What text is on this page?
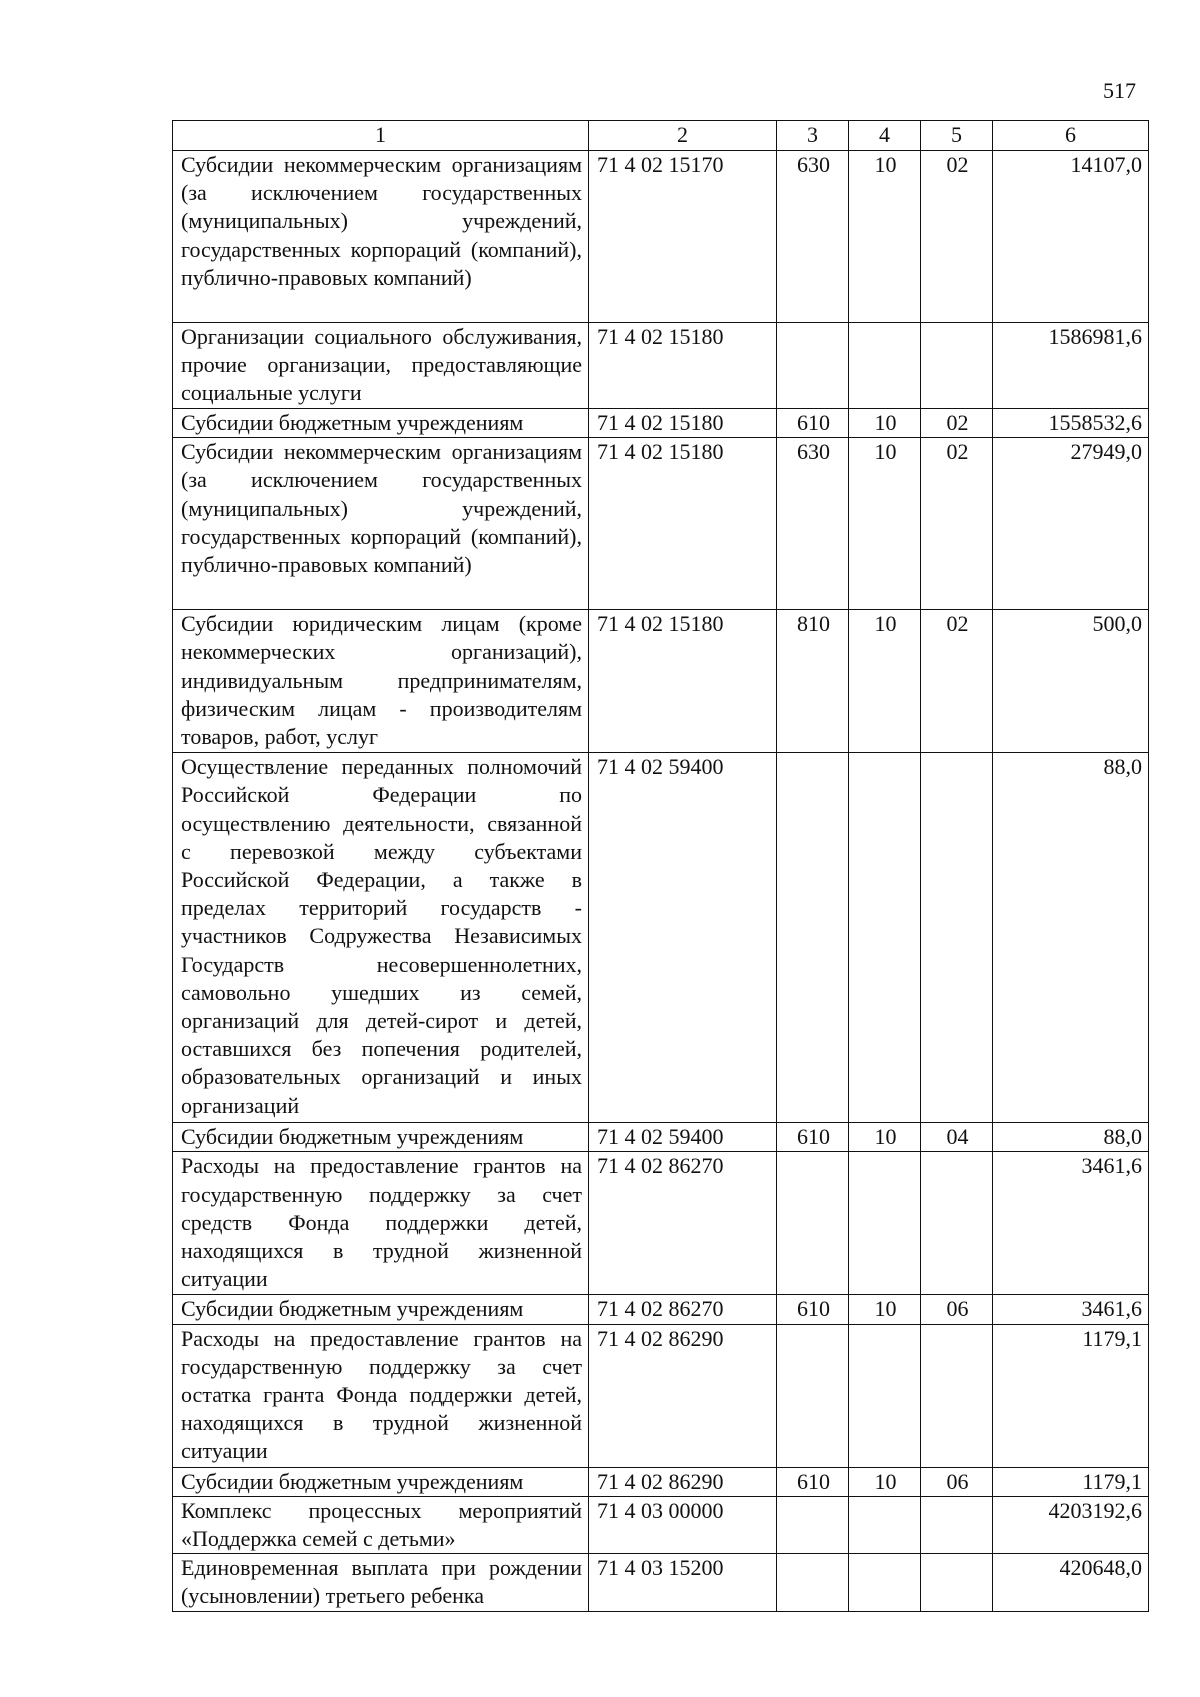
517
1	2	3	4	5	6
Субсидии некоммерческим организациям (за исключением государственных (муниципальных) учреждений, государственных корпораций (компаний), публично-правовых компаний)	71 4 02 15170	630	10	02	14107,0
Организации социального обслуживания, прочие организации, предоставляющие социальные услуги	71 4 02 15180				1586981,6
Субсидии бюджетным учреждениям	71 4 02 15180	610	10	02	1558532,6
Субсидии некоммерческим организациям (за исключением государственных (муниципальных) учреждений, государственных корпораций (компаний), публично-правовых компаний)	71 4 02 15180	630	10	02	27949,0
Субсидии юридическим лицам (кроме некоммерческих организаций), индивидуальным предпринимателям, физическим лицам - производителям товаров, работ, услуг	71 4 02 15180	810	10	02	500,0
Осуществление переданных полномочий Российской Федерации по осуществлению деятельности, связанной с перевозкой между субъектами Российской Федерации, а также в пределах территорий государств - участников Содружества Независимых Государств несовершеннолетних, самовольно ушедших из семей, организаций для детей-сирот и детей, оставшихся без попечения родителей, образовательных организаций и иных организаций	71 4 02 59400				88,0
Субсидии бюджетным учреждениям	71 4 02 59400	610	10	04	88,0
Расходы на предоставление грантов на государственную поддержку за счет средств Фонда поддержки детей, находящихся в трудной жизненной ситуации	71 4 02 86270				3461,6
Субсидии бюджетным учреждениям	71 4 02 86270	610	10	06	3461,6
Расходы на предоставление грантов на государственную поддержку за счет остатка гранта Фонда поддержки детей, находящихся в трудной жизненной ситуации	71 4 02 86290				1179,1
Субсидии бюджетным учреждениям	71 4 02 86290	610	10	06	1179,1
Комплекс процессных мероприятий «Поддержка семей с детьми»	71 4 03 00000				4203192,6
Единовременная выплата при рождении (усыновлении) третьего ребенка	71 4 03 15200				420648,0
